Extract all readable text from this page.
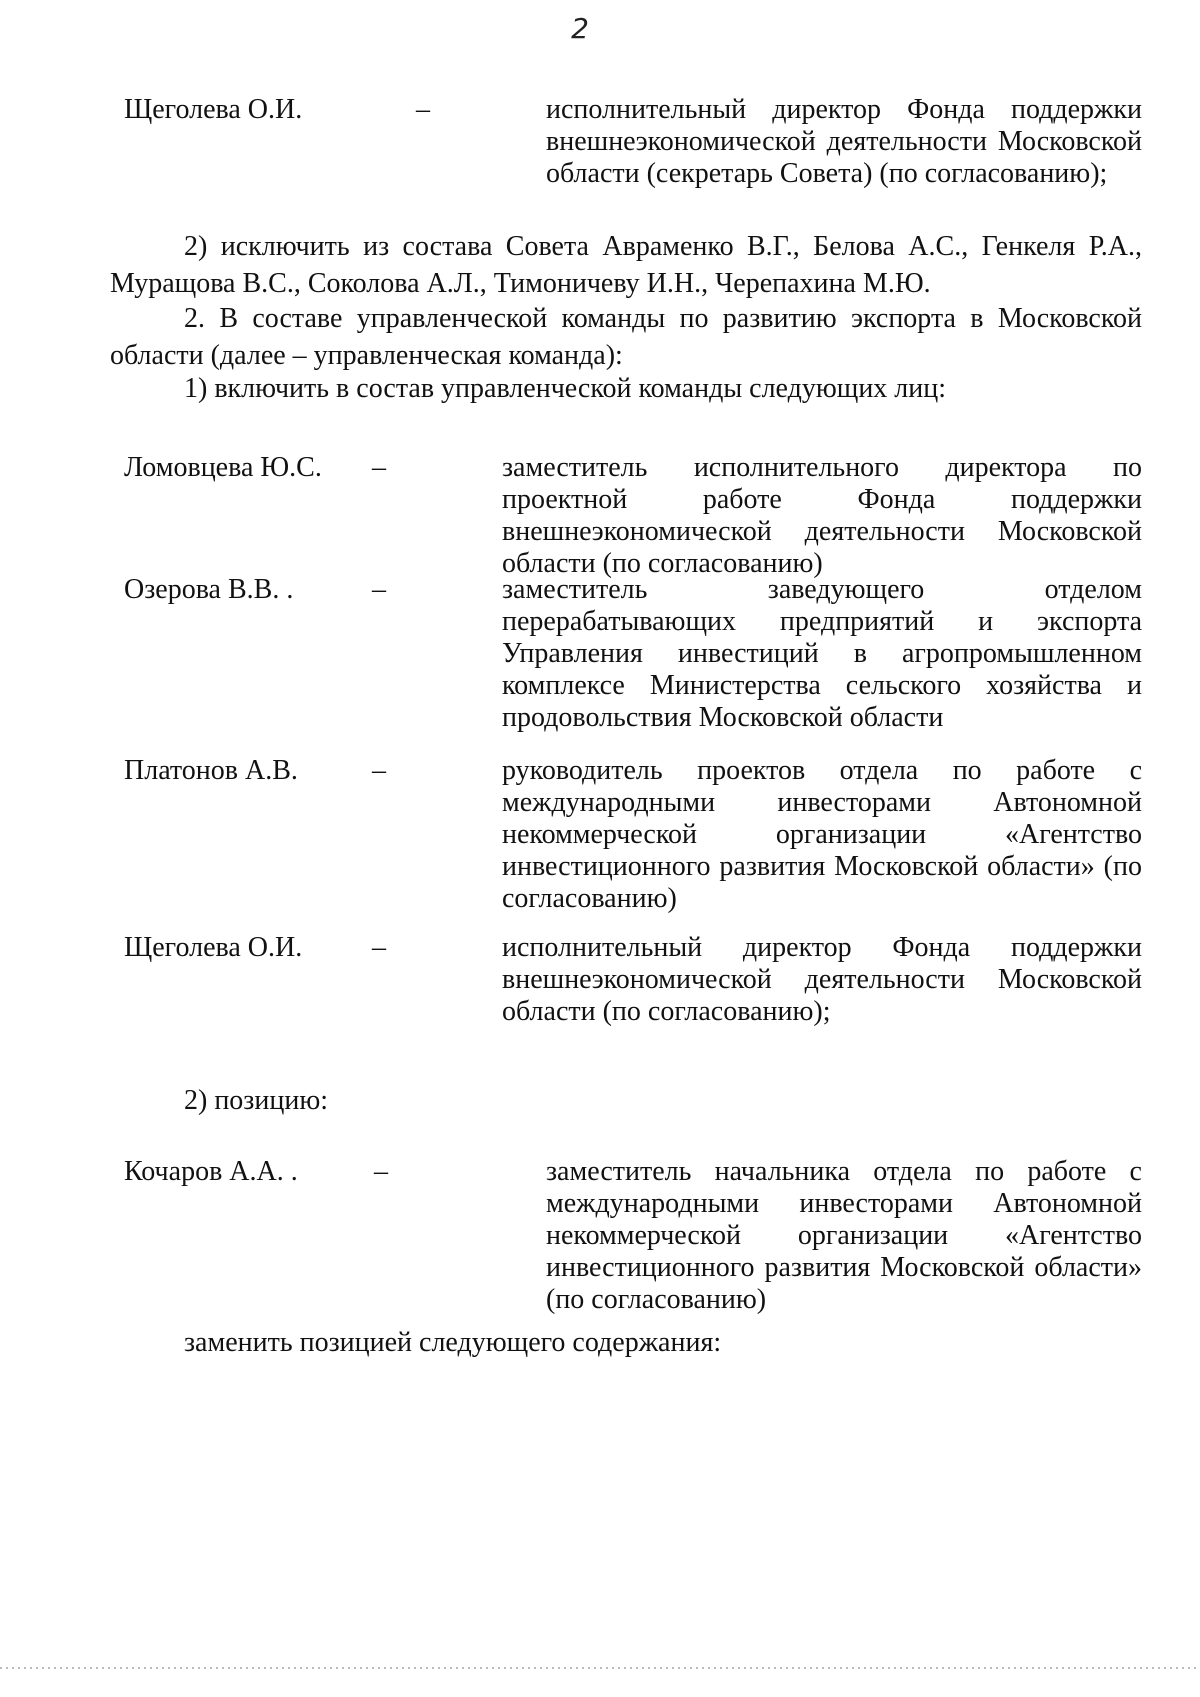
2
Щеголева О.И.	–	исполнительный директор Фонда поддержки внешнеэкономической деятельности Московской области (секретарь Совета) (по согласованию);
2) исключить из состава Совета Авраменко В.Г., Белова А.С., Генкеля Р.А., Муращова В.С., Соколова А.Л., Тимоничеву И.Н., Черепахина М.Ю.
2. В составе управленческой команды по развитию экспорта в Московской области (далее – управленческая команда):
1) включить в состав управленческой команды следующих лиц:
Ломовцева Ю.С. –	заместитель исполнительного директора по проектной работе Фонда поддержки внешнеэкономической деятельности Московской области (по согласованию)
Озерова В.В. .	–	заместитель заведующего отделом перерабатывающих предприятий и экспорта Управления инвестиций в агропромышленном комплексе Министерства сельского хозяйства и продовольствия Московской области
Платонов А.В.	–	руководитель проектов отдела по работе с международными инвесторами Автономной некоммерческой организации «Агентство инвестиционного развития Московской области» (по согласованию)
Щеголева О.И. –	исполнительный директор Фонда поддержки внешнеэкономической деятельности Московской области (по согласованию);
2) позицию:
Кочаров А.А. .	–	заместитель начальника отдела по работе с международными инвесторами Автономной некоммерческой организации «Агентство инвестиционного развития Московской области» (по согласованию)
заменить позицией следующего содержания:
